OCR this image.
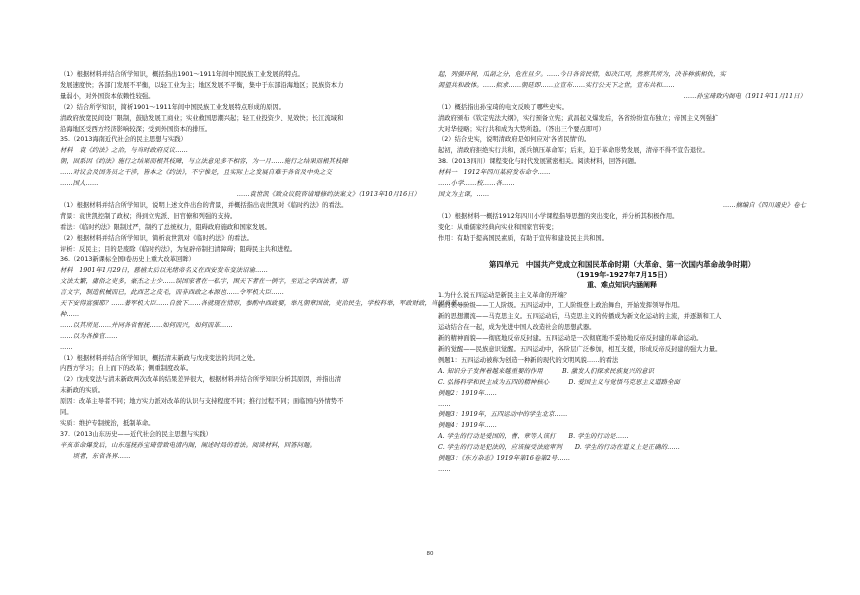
（1）根据材料并结合所学知识，概括指出1901～1911年间中国民族工业发展的特点。
发展速度快；各部门发展不平衡，以轻工业为主；地区发展不平衡，集中于东部沿海地区；民族资本力
量弱小，对外国资本依赖性较强。
（2）结合所学知识，简析1901～1911年间中国民族工业发展特点形成的原因。
清政府放宽民间设厂限制，鼓励发展工商业；实业救国思潮兴起；轻工业投资少、见效快；长江流域和
沿海地区受西方经济影响较深；受到外国资本的排压。
35.（2013海南近代社会的民主思想与实践）
材料　袁《约法》之治，与当时政府反议……
朝，固系因《约法》施行之结果而根其枝障，与立法意见多不相容，为一月……施行之结果而根其枝障
……对议会及国务员之干涉，皆本之《约法》，不宁惟是，且实际上之发展自难于各省及中央之交
……国人……
……袁世凯《致众议院咨请增修约法案文》（1913年10月16日）
（1）根据材料并结合所学知识，说明上述文件出台的背景，并概括指出袁世凯对《临时约法》的看法。
背景：袁世凯控制了政权；得到立宪派、旧官僚和列强的支持。
看法：《临时约法》限制过严，制约了总统权力，阻碍政府施政和国家发展。
（2）根据材料并结合所学知识，简析袁世凯对《临时约法》的看法。
评析：反民主；目的是废除《临时约法》，为复辟帝制扫清障碍；阻碍民主共和进程。
36.（2013新课标全国Ⅰ卷历史上重大改革回眸）
材料　1901年1月29日，慈禧太后以光绪帝名义在西安发布变法诏谕……
文法太繁，庸俗之吏多，豪杰之士少……误国家者在一私字，困天下者在一例字，至近之学西法者，语
言文字，制造机械而已，此西艺之皮毛，而非西政之本源也……令军机大臣……
天下安得富强耶？……著军机大臣……自放下……各就现在情形，参酌中西政要，举凡朝章国故，吏治民生，学校科举，军政财政，当因当革……
种……
……以其所见……并同各省督抚……如何而兴，如何而革……
……以为各推官……
……
（1）根据材料并结合所学知识，概括清末新政与戊戌变法的共同之处。
内西方学习；自上而下的改革；侧重制度改革。
（2）戊戌变法与清末新政两次改革的结果差异很大，根据材料并结合所学知识分析其原因，并指出清
末新政的实质。
原因：改革主导者不同；地方实力派对改革的认识与支持程度不同；推行过程不同；面临国内外情势不
同。
实质：维护专制统治，抵制革命。
37.（2013山东历史——近代社会的民主思想与实践）
辛亥革命爆发后，山东巡抚孙宝琦曾致电清内阁，阐述时局的看法。阅读材料，回答问题。
　　顷者，东省各界……
起，列强环伺，瓜剖之分，危在旦夕。……今日各省民情，如决江河，然察其所为，决非种族相仇，实
渴望共和政体。……拟求……朝廷即……立宣布……实行公天下之世，宣布共和……
……孙宝琦致内阁电（1911年11月11日）
（1）概括指出孙宝琦的电文反映了哪些史实。
清政府颁布《钦定宪法大纲》，实行预备立宪；武昌起义爆发后，各省纷纷宣布独立；帝国主义列强扩
大对华侵略；实行共和成为大势所趋。（答出三个要点即可）
（2）结合史实，说明清政府是如何应对'各省民情'的。
起初，清政府拒绝实行共和，派兵镇压革命军；后来，迫于革命形势发展，清帝不得不宣告退位。
38.（2013四川）课程变化与时代发展紧密相关。阅读材料，回答问题。
材料一　1912年四川某府发布命令……
……小学……校……各……
国文为主课，……
……摘编自《四川通史》卷七
（1）根据材料一概括1912年四川小学课程指导思想的突出变化，并分析其积极作用。
变化：从重儒家经典向实业和国家官转变；
作用：有助于提高国民素质，有助于宣传和建设民主共和国。
第四单元　中国共产党成立和国民革命时期（大革命、第一次国内革命战争时期）
（1919年-1927年7月15日）
重、难点知识内涵阐释
1.为什么说五四运动是新民主主义革命的开端？
新的领导阶级——工人阶级。五四运动中，工人阶级登上政治舞台，开始发挥领导作用。
新的思想潮流——马克思主义。五四运动后，马克思主义的传播成为新文化运动的主流，并逐渐和工人
运动结合在一起，成为先进中国人改造社会的思想武器。
新的精神面貌——彻底地反帝反封建。五四运动是一次彻底地不妥协地反帝反封建的革命运动。
新的觉醒——民族意识觉醒。五四运动中，各阶层广泛参加，相互支援，形成反帝反封建的强大力量。
例题1：五四运动被称为创造一种新的现代的文明风貌……的看法
A. 知识分子发挥着越来越重要的作用　　　B. 激发人们探求民族复兴的意识
C. 弘扬科学和民主成为五四的精神核心　　　D. 爱国主义与觉悟马克思主义道路全面
例题2：1919年……
……
例题3：1919年，五四运动中的学生北京……
例题4：1919年……
A. 学生的行动是爱国的，曹、章等人该打　　B. 学生的行动是……
C. 学生的行动是犯法的，应该接受法庭审判　　D. 学生的行动在道义上是正确的……
例题3：《东方杂志》1919年第16卷第2号……
……
80
